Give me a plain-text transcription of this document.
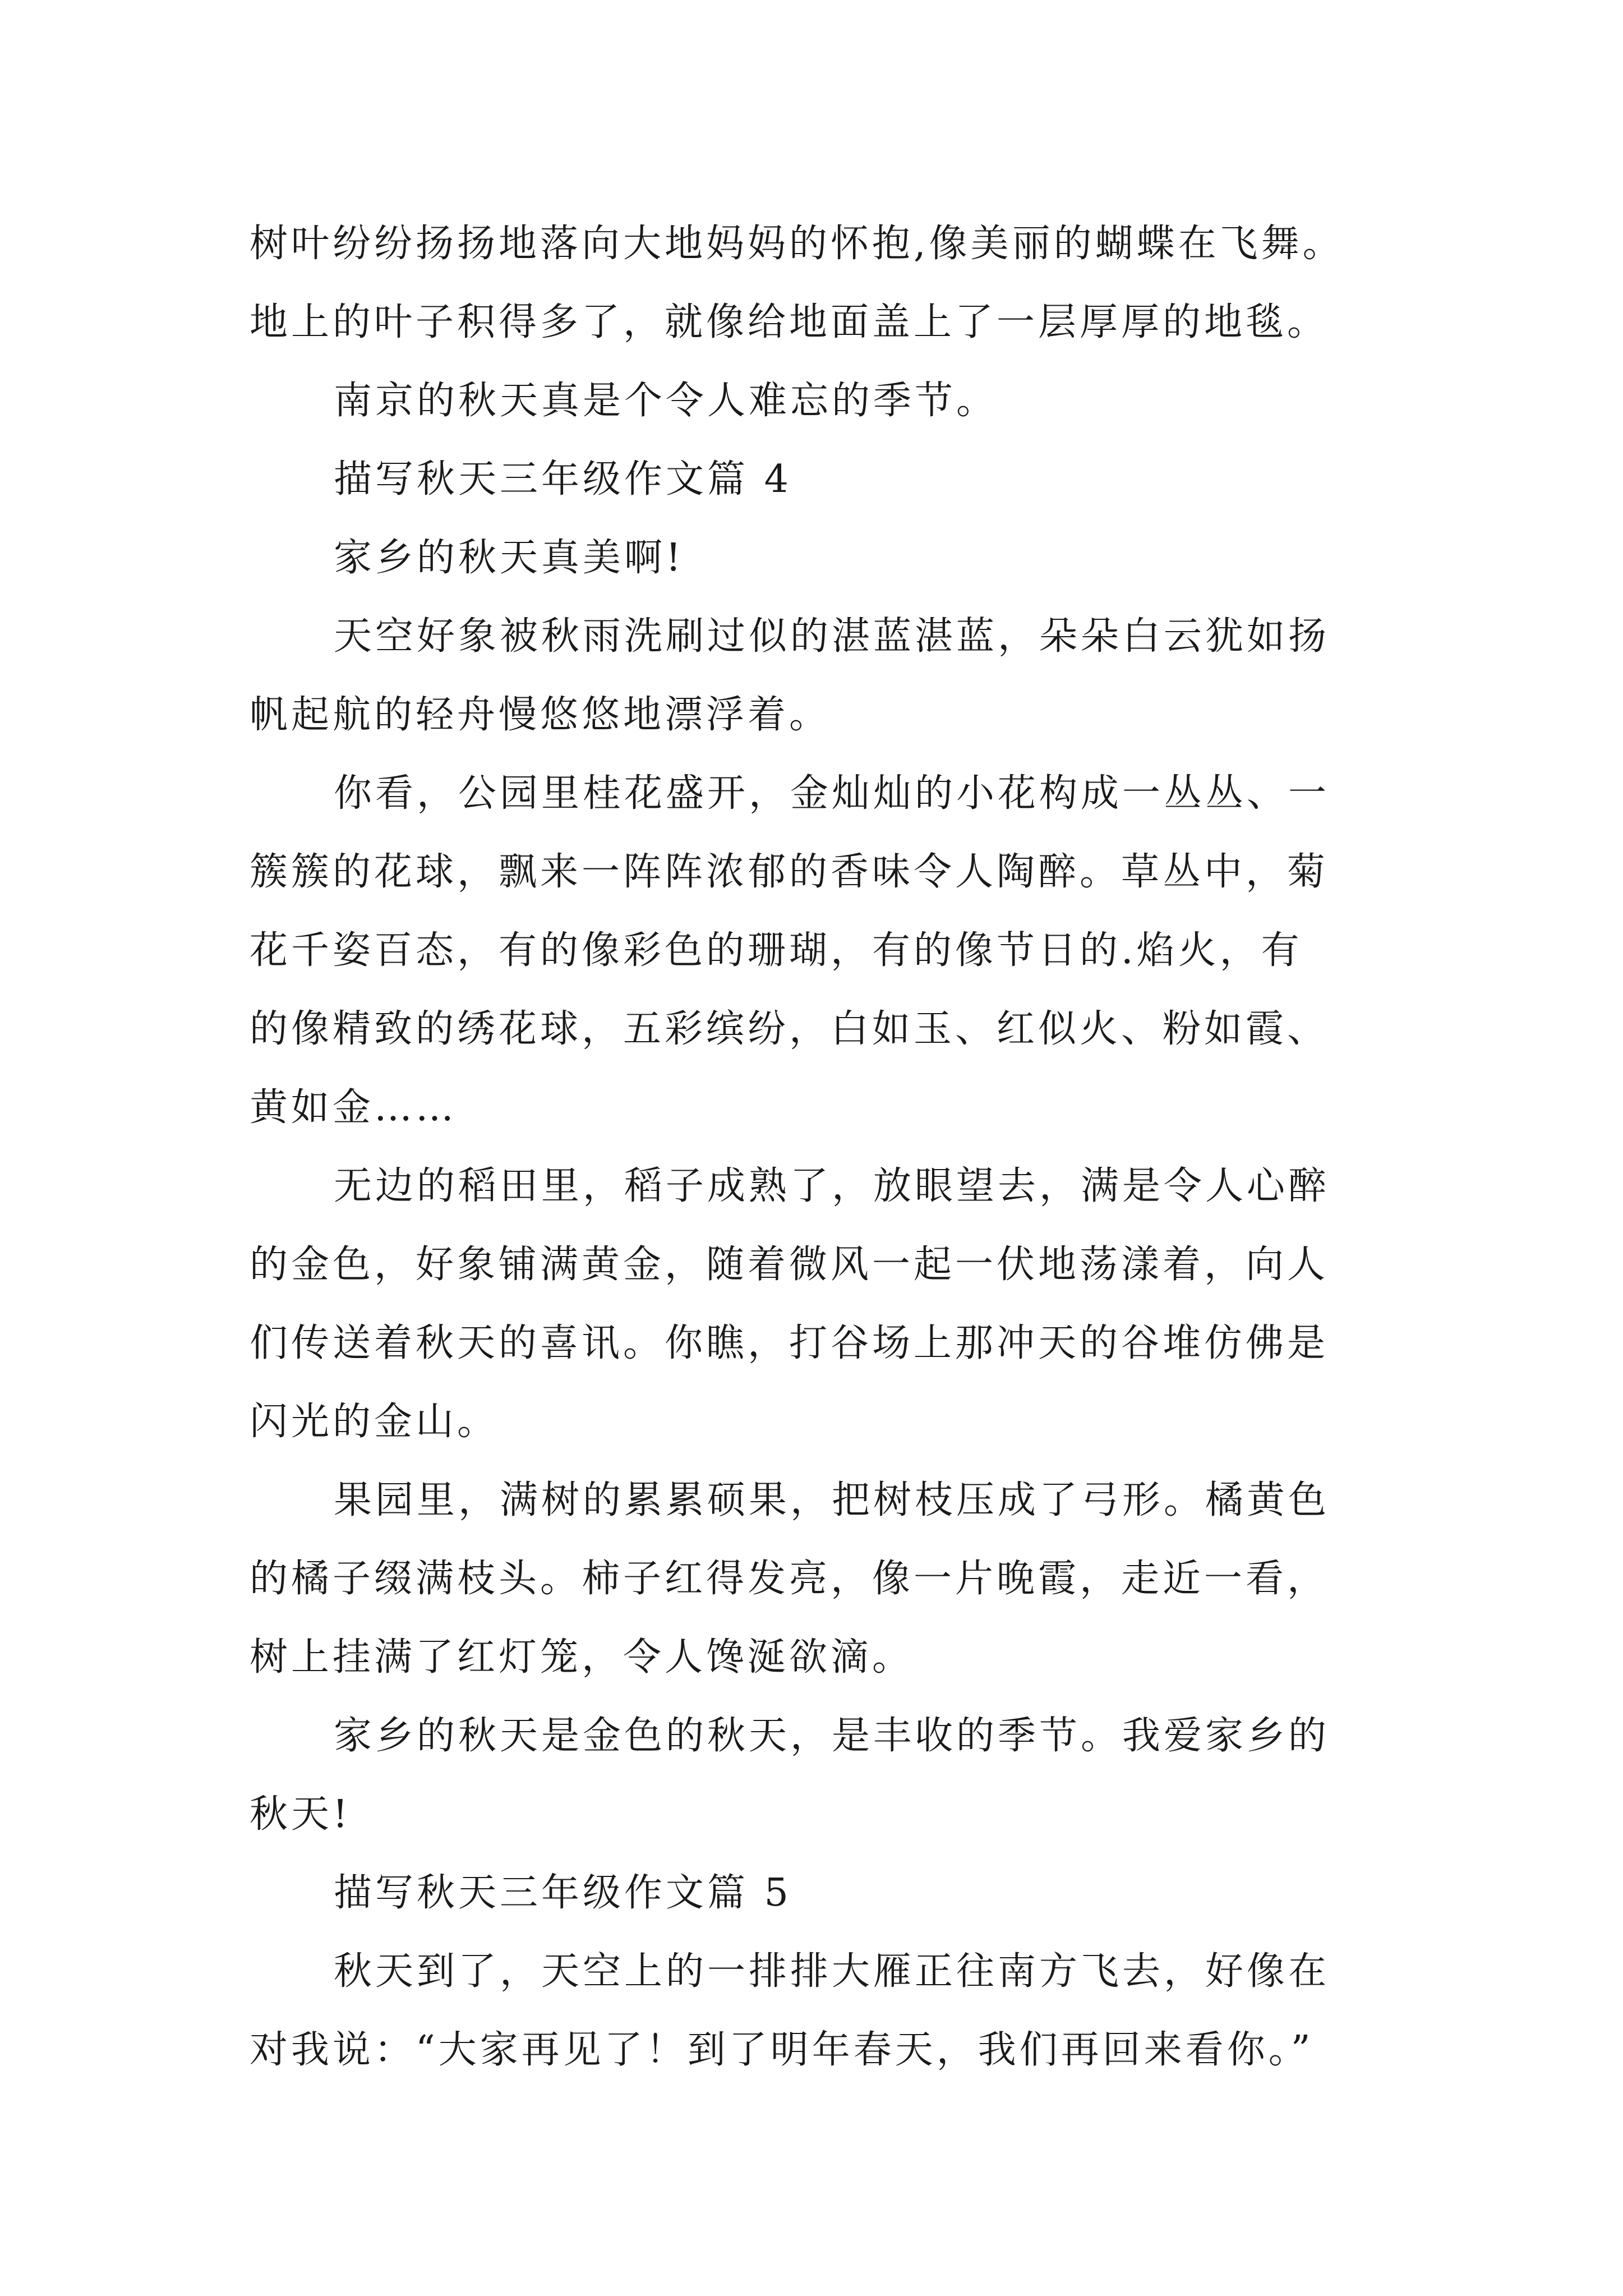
树叶纷纷扬扬地落向大地妈妈的怀抱,像美丽的蝴蝶在飞舞。
地上的叶子积得多了，就像给地面盖上了一层厚厚的地毯。
南京的秋天真是个令人难忘的季节。
描写秋天三年级作文篇 4
家乡的秋天真美啊!
天空好象被秋雨洗刷过似的湛蓝湛蓝，朵朵白云犹如扬
帆起航的轻舟慢悠悠地漂浮着。
你看，公园里桂花盛开，金灿灿的小花构成一丛丛、一
簇簇的花球，飘来一阵阵浓郁的香味令人陶醉。草丛中，菊
花千姿百态，有的像彩色的珊瑚，有的像节日的.焰火，有
的像精致的绣花球，五彩缤纷，白如玉、红似火、粉如霞、
黄如金……
无边的稻田里，稻子成熟了，放眼望去，满是令人心醉
的金色，好象铺满黄金，随着微风一起一伏地荡漾着，向人
们传送着秋天的喜讯。你瞧，打谷场上那冲天的谷堆仿佛是
闪光的金山。
果园里，满树的累累硕果，把树枝压成了弓形。橘黄色
的橘子缀满枝头。柿子红得发亮，像一片晚霞，走近一看，
树上挂满了红灯笼，令人馋涎欲滴。
家乡的秋天是金色的秋天，是丰收的季节。我爱家乡的
秋天!
描写秋天三年级作文篇 5
秋天到了，天空上的一排排大雁正往南方飞去，好像在
对我说：“大家再见了！到了明年春天，我们再回来看你。”
